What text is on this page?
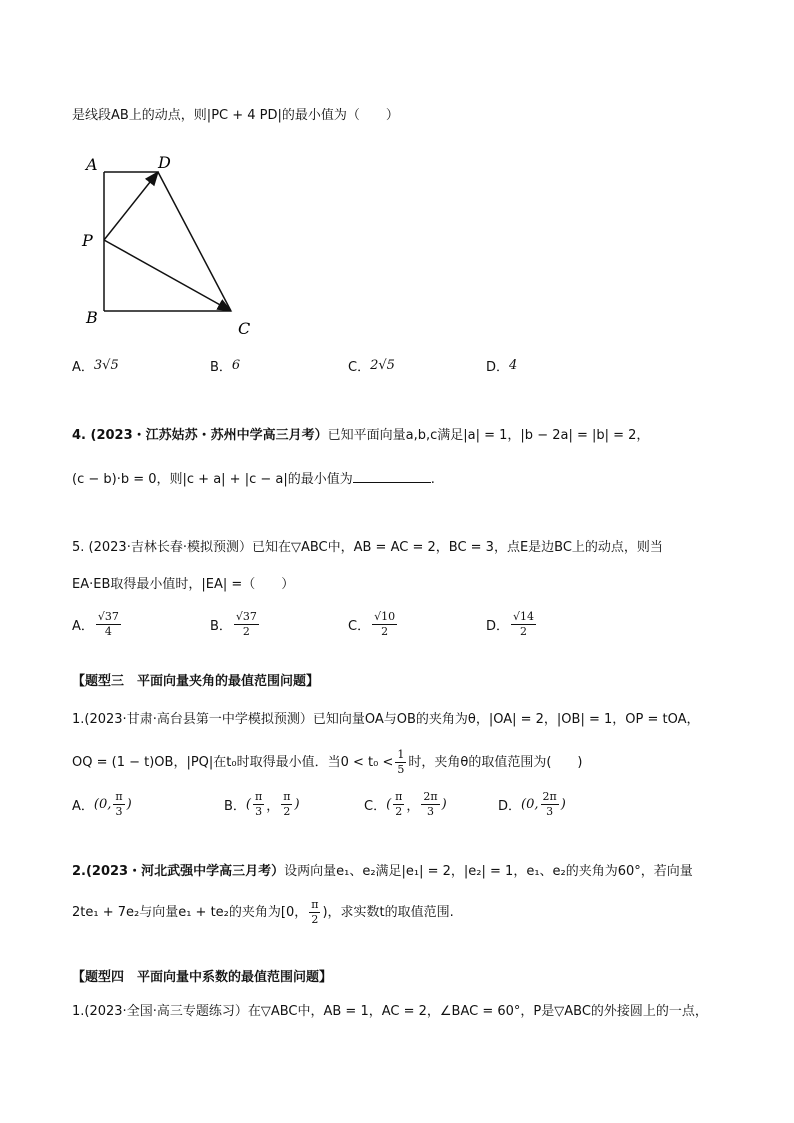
是线段AB上的动点，则|PC + 4 PD|的最小值为（　　）
A	D
P
B
C
A． 3√5	B． 6	C． 2√5	D． 4
4. (2023・江苏姑苏・苏州中学高三月考）已知平面向量a,b,c满足|a| = 1，|b − 2a| = |b| = 2，
(c − b)·b = 0，则|c + a| + |c − a|的最小值为	.
5. (2023·吉林长春·模拟预测）已知在▽ABC中，AB = AC = 2，BC = 3，点E是边BC上的动点，则当
EA·EB取得最小值时，|EA| =（　　）
A． $\frac{√37}{4}$	B． $\frac{√37}{2}$	C． $\frac{√10}{2}$	D． $\frac{√14}{2}$
【题型三　平面向量夹角的最值范围问题】
1.(2023·甘肃·高台县第一中学模拟预测）已知向量OA与OB的夹角为θ，|OA| = 2，|OB| = 1，OP = tOA，
OQ = (1 − t)OB，|PQ|在t₀时取得最小值．当$0 < t_0 < \frac{1}{5}$ 时，夹角θ的取值范围为(　　)
A． (0, $\frac{\pi}{3}$ )	B． ( $\frac{\pi}{3}$ ， $\frac{\pi}{2}$ )	C． ( $\frac{\pi}{2}$ ， $\frac{2\pi}{3}$ )	D． (0, $\frac{2\pi}{3}$ )
2.(2023・河北武强中学高三月考）设两向量e₁、e₂满足|e₁| = 2，|e₂| = 1，e₁、e₂的夹角为60°，若向量
2te₁ + 7e₂与向量e₁ + te₂的夹角为[0， $\frac{\pi}{2}$ )，求实数t的取值范围.
【题型四　平面向量中系数的最值范围问题】
1.(2023·全国·高三专题练习）在▽ABC中，AB = 1，AC = 2，∠BAC = 60°，P是▽ABC的外接圆上的一点，
